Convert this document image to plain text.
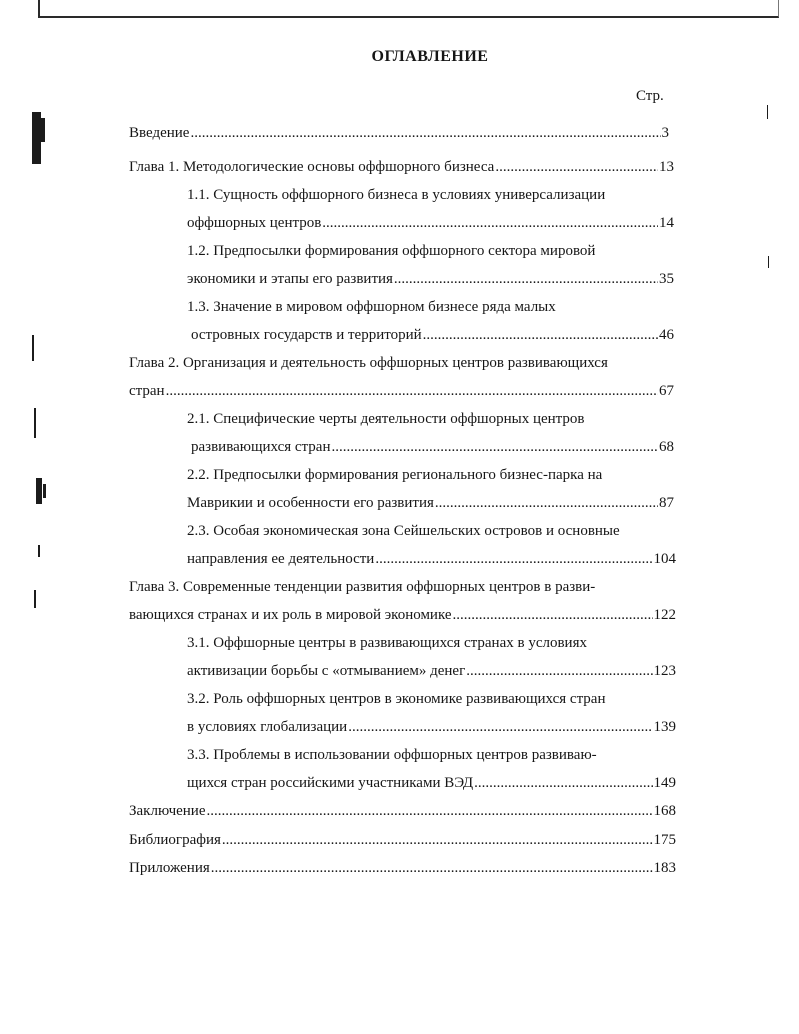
ОГЛАВЛЕНИЕ
Стр.
Введение .....	3
Глава 1. Методологические основы оффшорного бизнеса .....	13
1.1. Сущность оффшорного бизнеса в условиях универсализации
оффшорных центров .....	14
1.2. Предпосылки формирования оффшорного сектора мировой
экономики и этапы его развития .....	35
1.3. Значение в мировом оффшорном бизнесе ряда малых
островных государств и территорий .....	46
Глава 2. Организация и деятельность оффшорных центров развивающихся
стран .....	67
2.1. Специфические черты деятельности оффшорных центров
развивающихся стран .....	68
2.2. Предпосылки формирования регионального бизнес-парка на
Маврикии и особенности его развития .....	87
2.3. Особая экономическая зона Сейшельских островов и основные
направления ее деятельности .....	104
Глава 3. Современные тенденции развития оффшорных центров в разви-
вающихся странах и их роль в мировой экономике .....	122
3.1. Оффшорные центры в развивающихся странах в условиях
активизации борьбы с «отмыванием» денег .....	123
3.2. Роль оффшорных центров в экономике развивающихся стран
в условиях глобализации .....	139
3.3. Проблемы в использовании оффшорных центров развиваю-
щихся стран российскими участниками ВЭД .....	149
Заключение .....	168
Библиография .....	175
Приложения .....	183
